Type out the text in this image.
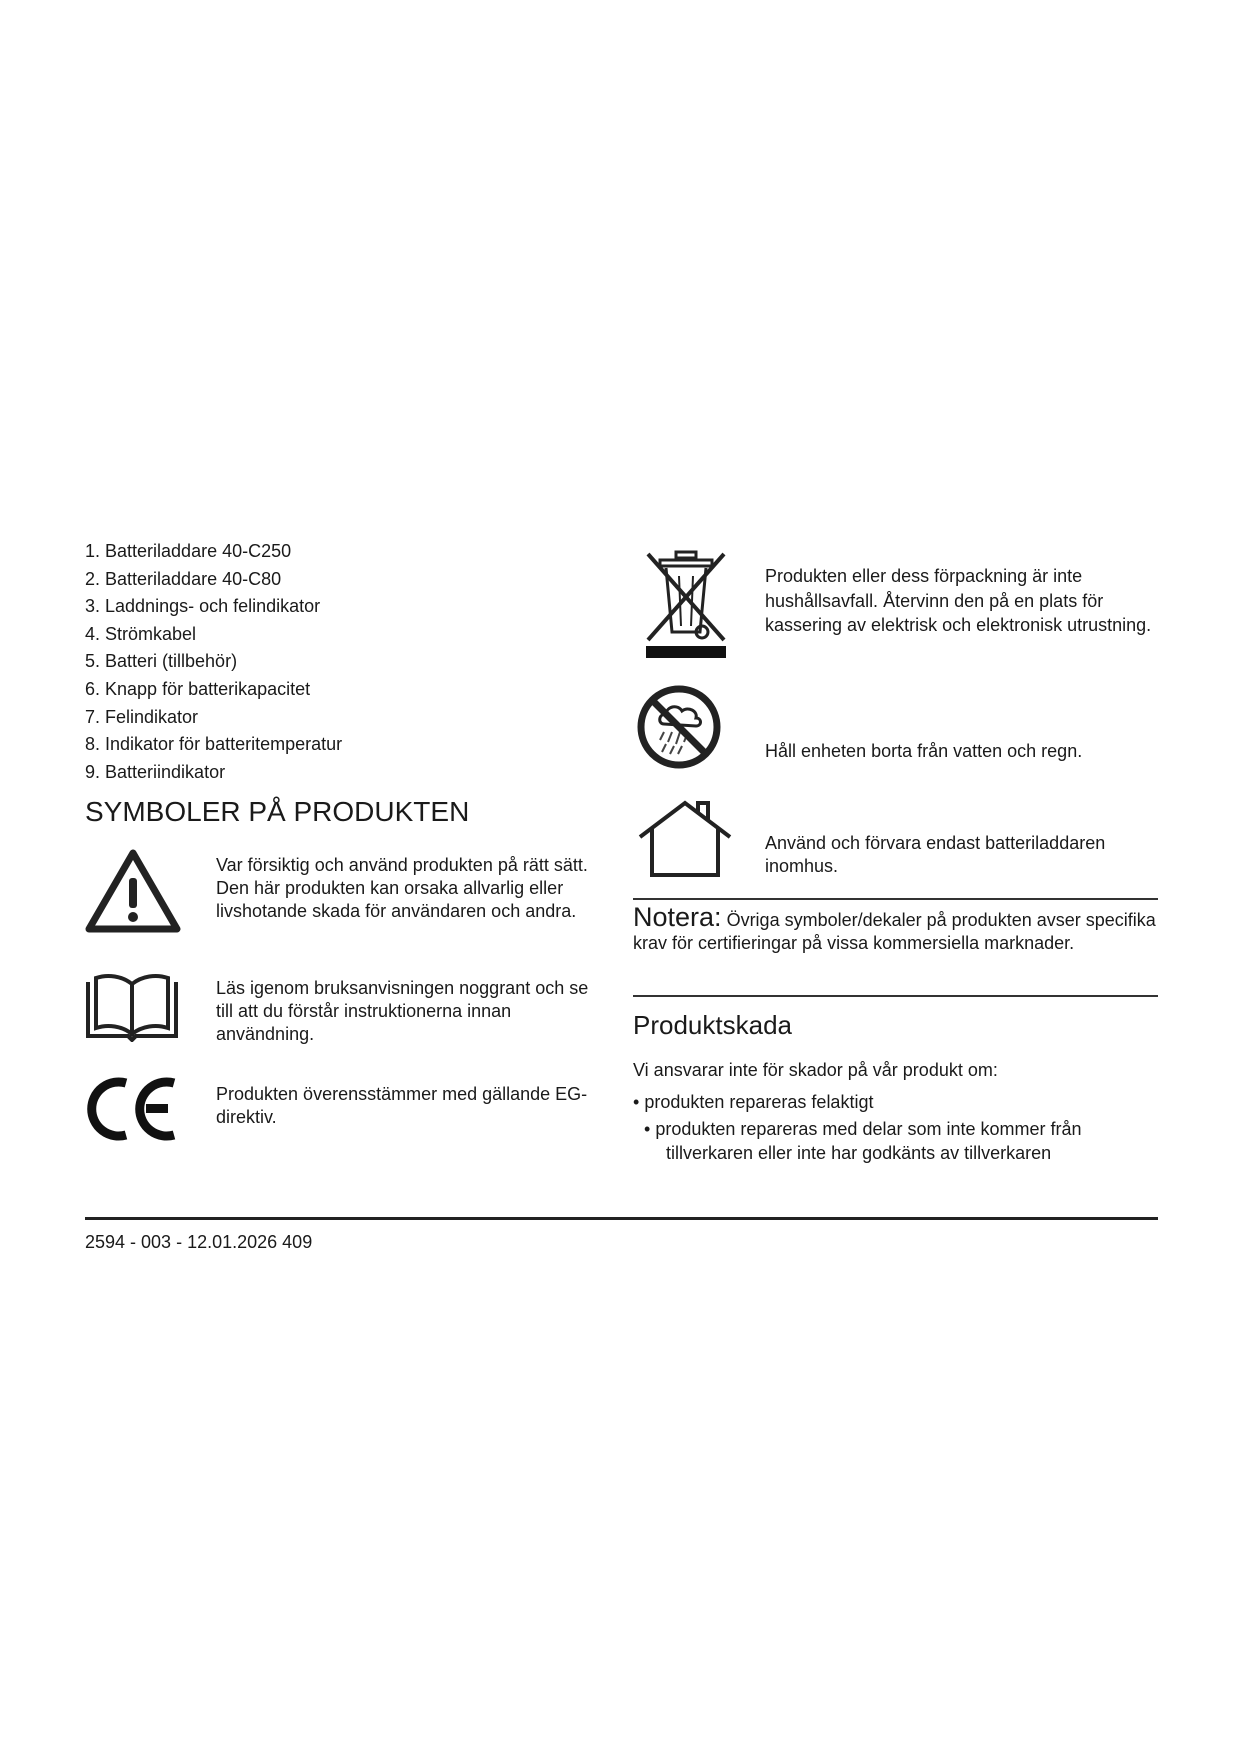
1. Batteriladdare 40-C250
2. Batteriladdare 40-C80
3. Laddnings- och felindikator
4. Strömkabel
5. Batteri (tillbehör)
6. Knapp för batterikapacitet
7. Felindikator
8. Indikator för batteritemperatur
9. Batteriindikator
SYMBOLER PÅ PRODUKTEN
Var försiktig och använd produkten på rätt sätt. Den här produkten kan orsaka allvarlig eller livshotande skada för användaren och andra.
Läs igenom bruksanvisningen noggrant och se till att du förstår instruktionerna innan användning.
Produkten överensstämmer med gällande EG-direktiv.
Produkten eller dess förpackning är inte hushållsavfall. Återvinn den på en plats för kassering av elektrisk och elektronisk utrustning.
Håll enheten borta från vatten och regn.
Använd och förvara endast batteriladdaren inomhus.
Notera: Övriga symboler/dekaler på produkten avser specifika krav för certifieringar på vissa kommersiella marknader.
Produktskada
Vi ansvarar inte för skador på vår produkt om:
• produkten repareras felaktigt
• produkten repareras med delar som inte kommer från tillverkaren eller inte har godkänts av tillverkaren
2594 - 003 - 12.01.2026 409
